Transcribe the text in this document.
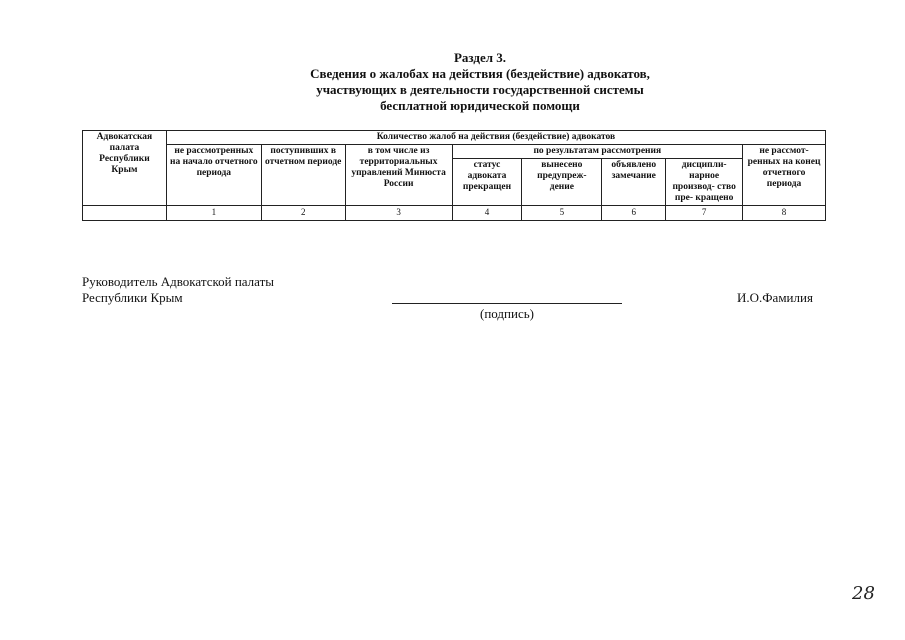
Раздел 3.
Сведения о жалобах на действия (бездействие) адвокатов,
участвующих в деятельности государственной системы
бесплатной юридической помощи
Адвокатская палата Республики Крым	Количество жалоб на действия (бездействие) адвокатов							
	не рассмотренных на начало отчетного периода	поступивших в отчетном периоде	в том числе из территориальных управлений Минюста России	по результатам рассмотрения				не рассмот- ренных на конец отчетного периода
				статус адвоката прекращен	вынесено предупреж- дение	объявлено замечание	дисципли- нарное производ- ство пре- кращено	
	1	2	3	4	5	6	7	8
Руководитель Адвокатской палаты
Республики Крым
(подпись)
И.О.Фамилия
28
